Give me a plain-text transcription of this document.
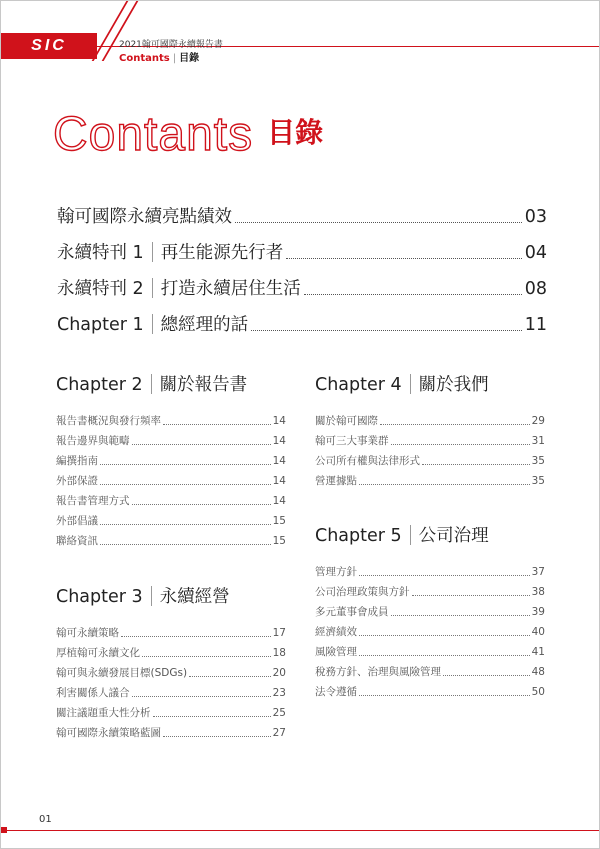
SIC	2021翰可國際永續報告書
Contants | 目錄
Contants 目錄
翰可國際永續亮點績效	03
永續特刊 1 再生能源先行者	04
永續特刊 2 打造永續居住生活	08
Chapter 1 總經理的話	11
Chapter 2 關於報告書
報告書概況與發行頻率	14
報告邊界與範疇	14
編撰指南	14
外部保證	14
報告書管理方式	14
外部倡議	15
聯絡資訊	15
Chapter 3 永續經營
翰可永續策略	17
厚植翰可永續文化	18
翰可與永續發展目標(SDGs)	20
利害關係人議合	23
關注議題重大性分析	25
翰可國際永續策略藍圖	27
Chapter 4 關於我們
關於翰可國際	29
翰可三大事業群	31
公司所有權與法律形式	35
營運據點	35
Chapter 5 公司治理
管理方針	37
公司治理政策與方針	38
多元董事會成員	39
經濟績效	40
風險管理	41
稅務方針、治理與風險管理	48
法令遵循	50
01
